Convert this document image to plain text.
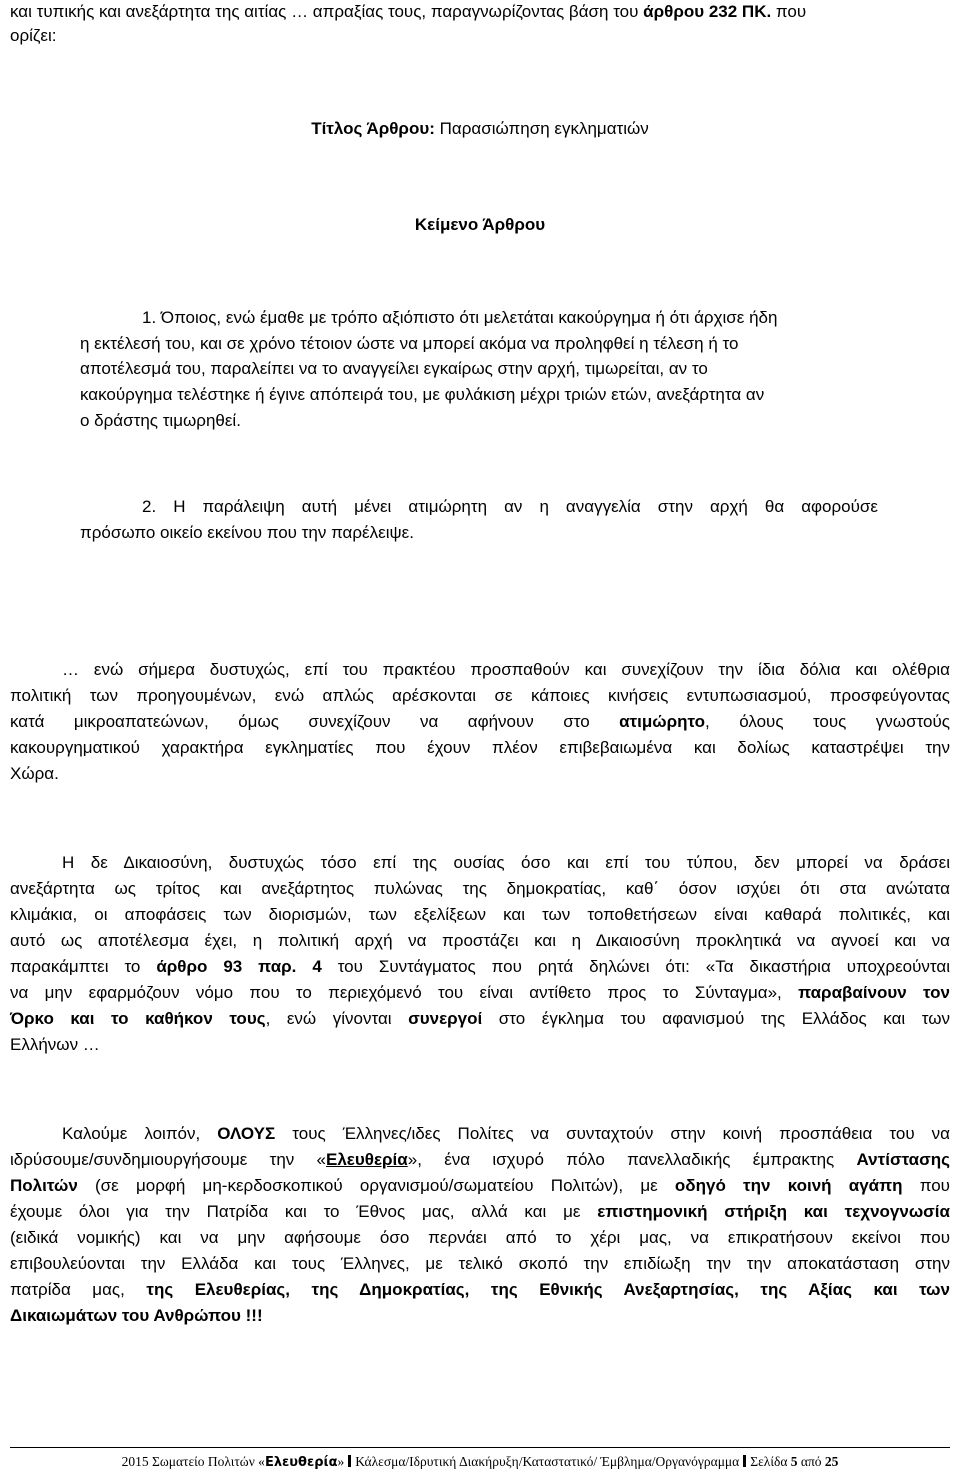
και τυπικής και ανεξάρτητα της αιτίας … απραξίας τους, παραγνωρίζοντας βάση του άρθρου 232 ΠΚ. που
ορίζει:
Τίτλος Άρθρου: Παρασιώπηση εγκληματιών
Κείμενο Άρθρου
1. Όποιος, ενώ έμαθε με τρόπο αξιόπιστο ότι μελετάται κακούργημα ή ότι άρχισε ήδη
η εκτέλεσή του, και σε χρόνο τέτοιον ώστε να μπορεί ακόμα να προληφθεί η τέλεση ή το
αποτέλεσμά του, παραλείπει να το αναγγείλει εγκαίρως στην αρχή, τιμωρείται, αν το
κακούργημα τελέστηκε ή έγινε απόπειρά του, με φυλάκιση μέχρι τριών ετών, ανεξάρτητα αν
ο δράστης τιμωρηθεί.
2. Η παράλειψη αυτή μένει ατιμώρητη αν η αναγγελία στην αρχή θα αφορούσε
πρόσωπο οικείο εκείνου που την παρέλειψε.
… ενώ σήμερα δυστυχώς, επί του πρακτέου προσπαθούν και συνεχίζουν την ίδια δόλια και ολέθρια
πολιτική των προηγουμένων, ενώ απλώς αρέσκονται σε κάποιες κινήσεις εντυπωσιασμού, προσφεύγοντας
κατά μικροαπατεώνων, όμως συνεχίζουν να αφήνουν στο ατιμώρητο, όλους τους γνωστούς
κακουργηματικού χαρακτήρα εγκληματίες που έχουν πλέον επιβεβαιωμένα και δολίως καταστρέψει την
Χώρα.
Η δε Δικαιοσύνη, δυστυχώς τόσο επί της ουσίας όσο και επί του τύπου, δεν μπορεί να δράσει
ανεξάρτητα ως τρίτος και ανεξάρτητος πυλώνας της δημοκρατίας, καθ΄ όσον ισχύει ότι στα ανώτατα
κλιμάκια, οι αποφάσεις των διορισμών, των εξελίξεων και των τοποθετήσεων είναι καθαρά πολιτικές, και
αυτό ως αποτέλεσμα έχει, η πολιτική αρχή να προστάζει και η Δικαιοσύνη προκλητικά να αγνοεί και να
παρακάμπτει το άρθρο 93 παρ. 4 του Συντάγματος που ρητά δηλώνει ότι: «Τα δικαστήρια υποχρεούνται
να μην εφαρμόζουν νόμο που το περιεχόμενό του είναι αντίθετο προς το Σύνταγμα», παραβαίνουν τον
Όρκο και το καθήκον τους, ενώ γίνονται συνεργοί στο έγκλημα του αφανισμού της Ελλάδος και των
Ελλήνων …
Καλούμε λοιπόν, ΟΛΟΥΣ τους Έλληνες/ιδες Πολίτες να συνταχτούν στην κοινή προσπάθεια του να
ιδρύσουμε/συνδημιουργήσουμε την «Ελευθερία», ένα ισχυρό πόλο πανελλαδικής έμπρακτης Αντίστασης
Πολιτών (σε μορφή μη-κερδοσκοπικού οργανισμού/σωματείου Πολιτών), με οδηγό την κοινή αγάπη που
έχουμε όλοι για την Πατρίδα και το Έθνος μας, αλλά και με επιστημονική στήριξη και τεχνογνωσία
(ειδικά νομικής) και να μην αφήσουμε όσο περνάει από το χέρι μας, να επικρατήσουν εκείνοι που
επιβουλεύονται την Ελλάδα και τους Έλληνες, με τελικό σκοπό την επιδίωξη την την αποκατάσταση στην
πατρίδα μας, της Ελευθερίας, της Δημοκρατίας, της Εθνικής Ανεξαρτησίας, της Αξίας και των
Δικαιωμάτων του Ανθρώπου !!!
2015 Σωματείο Πολιτών «Ελευθερία» Κάλεσμα/Ιδρυτική Διακήρυξη/Καταστατικό/ Έμβλημα/Οργανόγραμμα Σελίδα 5 από 25
